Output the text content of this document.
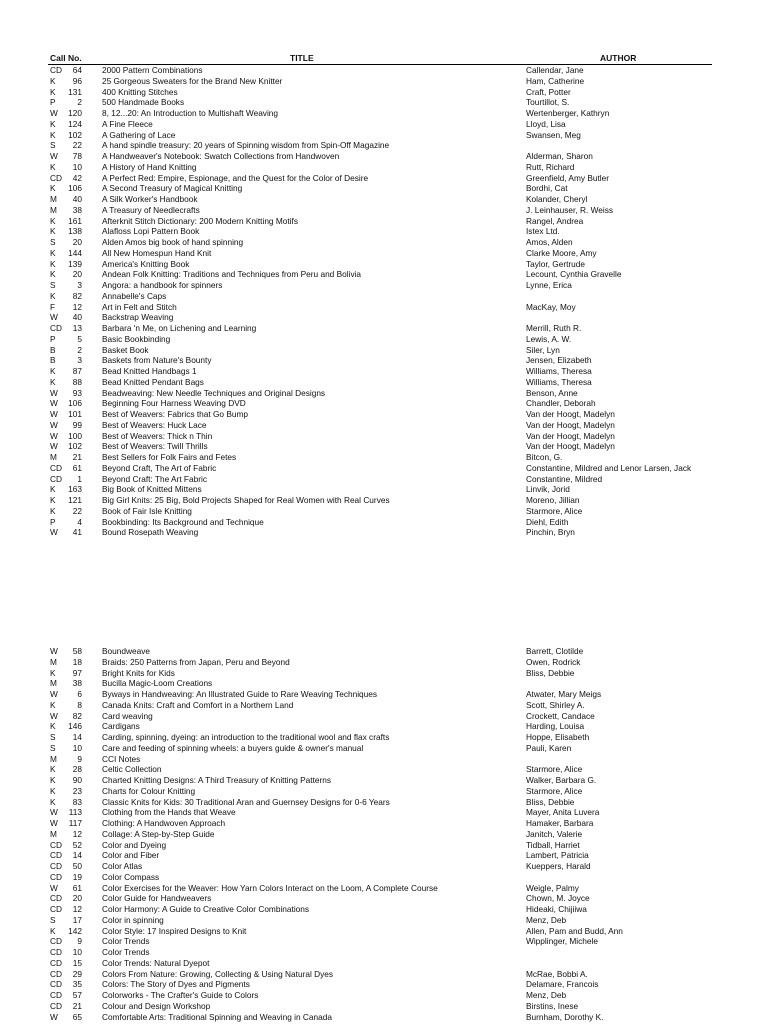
Call No.	TITLE	AUTHOR
CD	64 2000 Pattern Combinations	Callendar, Jane
K	96 25 Gorgeous Sweaters for the Brand New Knitter	Ham, Catherine
K 131 400 Knitting Stitches	Craft, Potter
P	2 500 Handmade Books	Tourtillot, S.
W 120 8, 12...20: An Introduction to Multishaft Weaving	Wertenberger, Kathryn
K 124 A Fine Fleece	Lloyd, Lisa
K 102 A Gathering of Lace	Swansen, Meg
S	22 A hand spindle treasury: 20 years of Spinning wisdom from Spin-Off Magazine
W	78 A Handweaver's Notebook: Swatch Collections from Handwoven	Alderman, Sharon
K	10 A History of Hand Knitting	Rutt, Richard
CD	42 A Perfect Red: Empire, Espionage, and the Quest for the Color of Desire	Greenfield, Amy Butler
K 106 A Second Treasury of Magical Knitting	Bordhi, Cat
M	40 A Silk Worker's Handbook	Kolander, Cheryl
M	38 A Treasury of Needlecrafts	J. Leinhauser, R. Weiss
K 161 Afterknit Stitch Dictionary: 200 Modern Knitting Motifs	Rangel, Andrea
K 138 Alafloss Lopi Pattern Book	Istex Ltd.
S	20 Alden Amos big book of hand spinning	Amos, Alden
K 144 All New Homespun Hand Knit	Clarke Moore, Amy
K 139 America's Knitting Book	Taylor, Gertrude
K	20 Andean Folk Knitting: Traditions and Techniques from Peru and Bolivia	Lecount, Cynthia Gravelle
S	3 Angora: a handbook for spinners	Lynne, Erica
K	82 Annabelle's Caps
F	12 Art in Felt and Stitch	MacKay, Moy
W	40 Backstrap Weaving
CD	13 Barbara 'n Me, on Lichening and Learning	Merrill, Ruth R.
P	5 Basic Bookbinding	Lewis, A. W.
B	2 Basket Book	Siler, Lyn
B	3 Baskets from Nature's Bounty	Jensen, Elizabeth
K	87 Bead Knitted Handbags 1	Williams, Theresa
K	88 Bead Knitted Pendant Bags	Williams, Theresa
W	93 Beadweaving: New Needle Techniques and Original Designs	Benson, Anne
W 106 Beginning Four Harness Weaving DVD	Chandler, Deborah
W 101 Best of Weavers: Fabrics that Go Bump	Van der Hoogt, Madelyn
W	99 Best of Weavers: Huck Lace	Van der Hoogt, Madelyn
W 100 Best of Weavers: Thick n Thin	Van der Hoogt, Madelyn
W 102 Best of Weavers: Twill Thrills	Van der Hoogt, Madelyn
M	21 Best Sellers for Folk Fairs and Fetes	Bitcon, G.
CD	61 Beyond Craft, The Art of Fabric	Constantine, Mildred and Lenor Larsen, Jack
CD	1 Beyond Craft: The Art Fabric	Constantine, Mildred
K 163 Big Book of Knitted Mittens	Linvik, Jorid
K 121 Big Girl Knits: 25 Big, Bold Projects Shaped for Real Women with Real Curves	Moreno, Jillian
K	22 Book of Fair Isle Knitting	Starmore, Alice
P	4 Bookbinding: Its Background and Technique	Diehl, Edith
W	41 Bound Rosepath Weaving	Pinchin, Bryn
W	58 Boundweave	Barrett, Clotilde
M	18 Braids: 250 Patterns from Japan, Peru and Beyond	Owen, Rodrick
K	97 Bright Knits for Kids	Bliss, Debbie
M	38 Bucilla Magic-Loom Creations
W	6 Byways in Handweaving: An Illustrated Guide to Rare Weaving Techniques	Atwater, Mary Meigs
K	8 Canada Knits: Craft and Comfort in a Northern Land	Scott, Shirley A.
W	82 Card weaving	Crockett, Candace
K 146 Cardigans	Harding, Louisa
S	14 Carding, spinning, dyeing: an introduction to the traditional wool and flax crafts	Hoppe, Elisabeth
S	10 Care and feeding of spinning wheels: a buyers guide & owner's manual	Pauli, Karen
M	9 CCI Notes
K	28 Celtic Collection	Starmore, Alice
K	90 Charted Knitting Designs: A Third Treasury of Knitting Patterns	Walker, Barbara G.
K	23 Charts for Colour Knitting	Starmore, Alice
K	83 Classic Knits for Kids: 30 Traditional Aran and Guernsey Designs for 0-6 Years	Bliss, Debbie
W 113 Clothing from the Hands that Weave	Mayer, Anita Luvera
W 117 Clothing: A Handwoven Approach	Hamaker, Barbara
M	12 Collage: A Step-by-Step Guide	Janitch, Valerie
CD	52 Color and Dyeing	Tidball, Harriet
CD	14 Color and Fiber	Lambert, Patricia
CD	50 Color Atlas	Kueppers, Harald
CD	19 Color Compass
W	61 Color Exercises for the Weaver: How Yarn Colors Interact on the Loom, A Complete Course	Weigle, Palmy
CD	20 Color Guide for Handweavers	Chown, M. Joyce
CD	12 Color Harmony: A Guide to Creative Color Combinations	Hideaki, Chijiiwa
S	17 Color in spinning	Menz, Deb
K 142 Color Style: 17 Inspired Designs to Knit	Allen, Pam and Budd, Ann
CD	9 Color Trends	Wipplinger, Michele
CD	10 Color Trends
CD	15 Color Trends: Natural Dyepot
CD	29 Colors From Nature: Growing, Collecting & Using Natural Dyes	McRae, Bobbi A.
CD	35 Colors: The Story of Dyes and Pigments	Delamare, Francois
CD	57 Colorworks - The Crafter's Guide to Colors	Menz, Deb
CD	21 Colour and Design Workshop	Birstins, Inese
W	65 Comfortable Arts: Traditional Spinning and Weaving in Canada	Burnham, Dorothy K.
